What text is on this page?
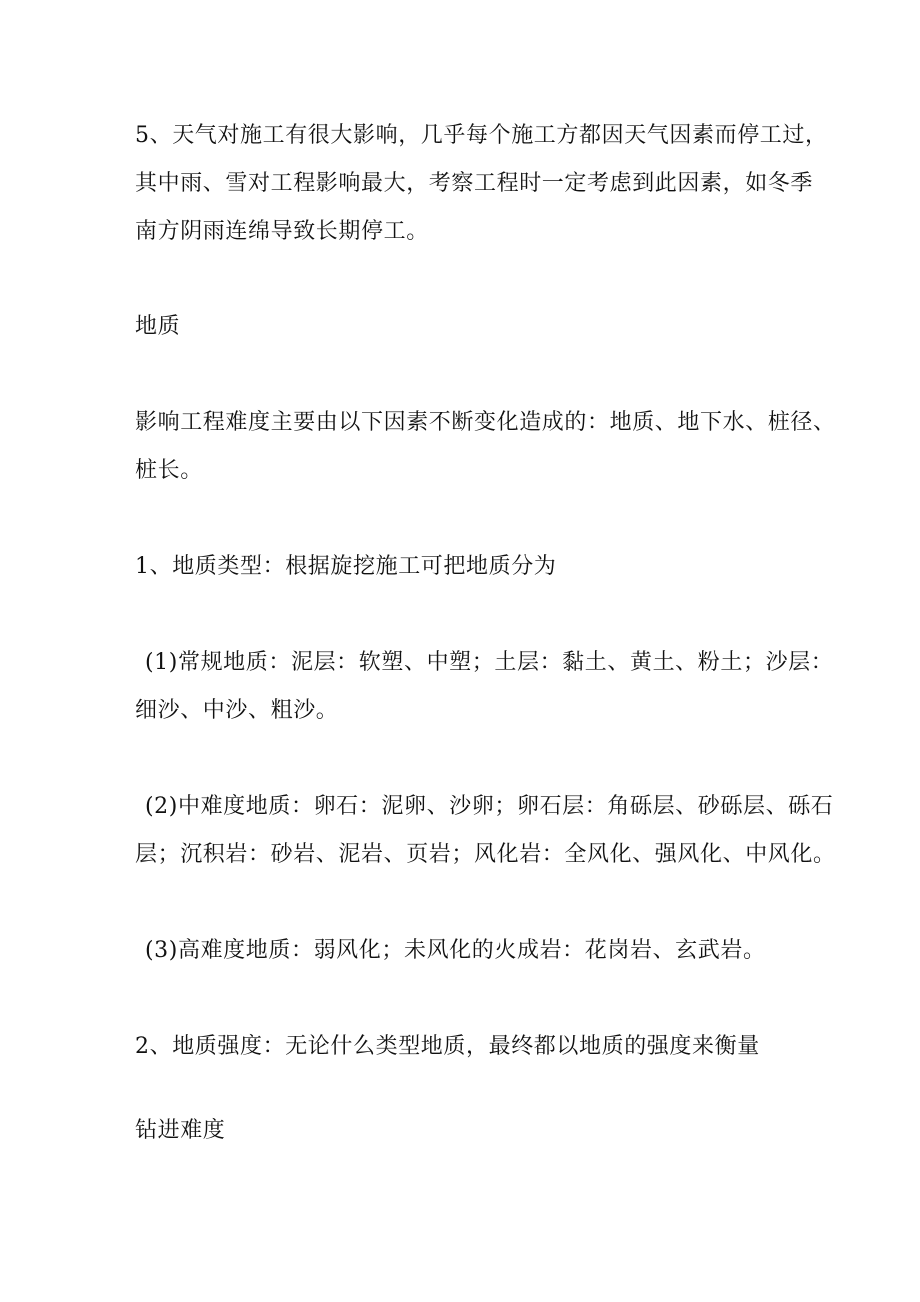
5、天气对施工有很大影响，几乎每个施工方都因天气因素而停工过，

其中雨、雪对工程影响最大，考察工程时一定考虑到此因素，如冬季

南方阴雨连绵导致长期停工。

地质

影响工程难度主要由以下因素不断变化造成的：地质、地下水、桩径、

桩长。

1、地质类型：根据旋挖施工可把地质分为

(1)常规地质：泥层：软塑、中塑；土层：黏土、黄土、粉土；沙层：

细沙、中沙、粗沙。

(2)中难度地质：卵石：泥卵、沙卵；卵石层：角砾层、砂砾层、砾石

层；沉积岩：砂岩、泥岩、页岩；风化岩：全风化、强风化、中风化。

(3)高难度地质：弱风化；未风化的火成岩：花岗岩、玄武岩。

2、地质强度：无论什么类型地质，最终都以地质的强度来衡量

钻进难度
